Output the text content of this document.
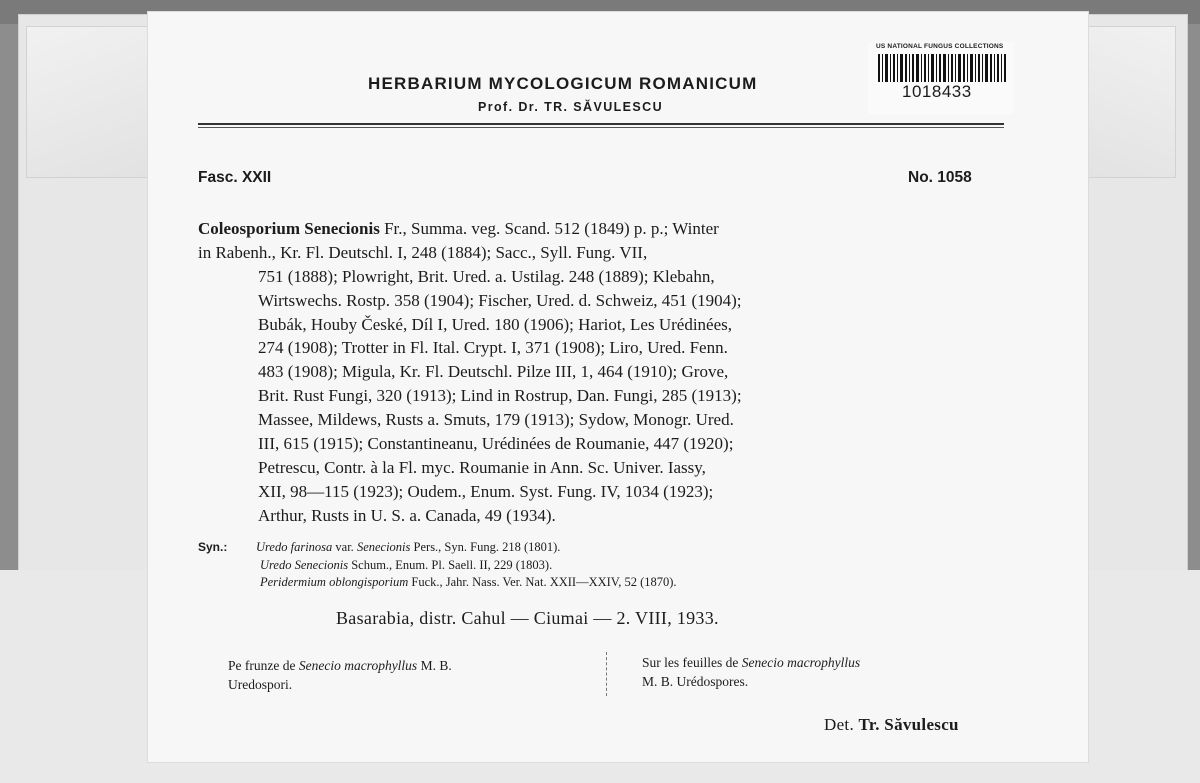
HERBARIUM MYCOLOGICUM ROMANICUM
Prof. Dr. TR. SĂVULESCU
US NATIONAL FUNGUS COLLECTIONS
1018433
Fasc. XXII	No. 1058
Coleosporium Senecionis Fr., Summa. veg. Scand. 512 (1849) p. p.; Winter
in Rabenh., Kr. Fl. Deutschl. I, 248 (1884); Sacc., Syll. Fung. VII,
751 (1888); Plowright, Brit. Ured. a. Ustilag. 248 (1889); Klebahn,
Wirtswechs. Rostp. 358 (1904); Fischer, Ured. d. Schweiz, 451 (1904);
Bubák, Houby České, Díl I, Ured. 180 (1906); Hariot, Les Urédinées,
274 (1908); Trotter in Fl. Ital. Crypt. I, 371 (1908); Liro, Ured. Fenn.
483 (1908); Migula, Kr. Fl. Deutschl. Pilze III, 1, 464 (1910); Grove,
Brit. Rust Fungi, 320 (1913); Lind in Rostrup, Dan. Fungi, 285 (1913);
Massee, Mildews, Rusts a. Smuts, 179 (1913); Sydow, Monogr. Ured.
III, 615 (1915); Constantineanu, Urédinées de Roumanie, 447 (1920);
Petrescu, Contr. à la Fl. myc. Roumanie in Ann. Sc. Univer. Iassy,
XII, 98—115 (1923); Oudem., Enum. Syst. Fung. IV, 1034 (1923);
Arthur, Rusts in U. S. a. Canada, 49 (1934).
Syn.: Uredo farinosa var. Senecionis Pers., Syn. Fung. 218 (1801).
Uredo Senecionis Schum., Enum. Pl. Saell. II, 229 (1803).
Peridermium oblongisporium Fuck., Jahr. Nass. Ver. Nat. XXII—XXIV, 52 (1870).
Basarabia, distr. Cahul — Ciumai — 2. VIII, 1933.
Pe frunze de Senecio macrophyllus M. B.
Uredospori.
Sur les feuilles de Senecio macrophyllus
M. B. Urédospores.
Det. Tr. Săvulescu
